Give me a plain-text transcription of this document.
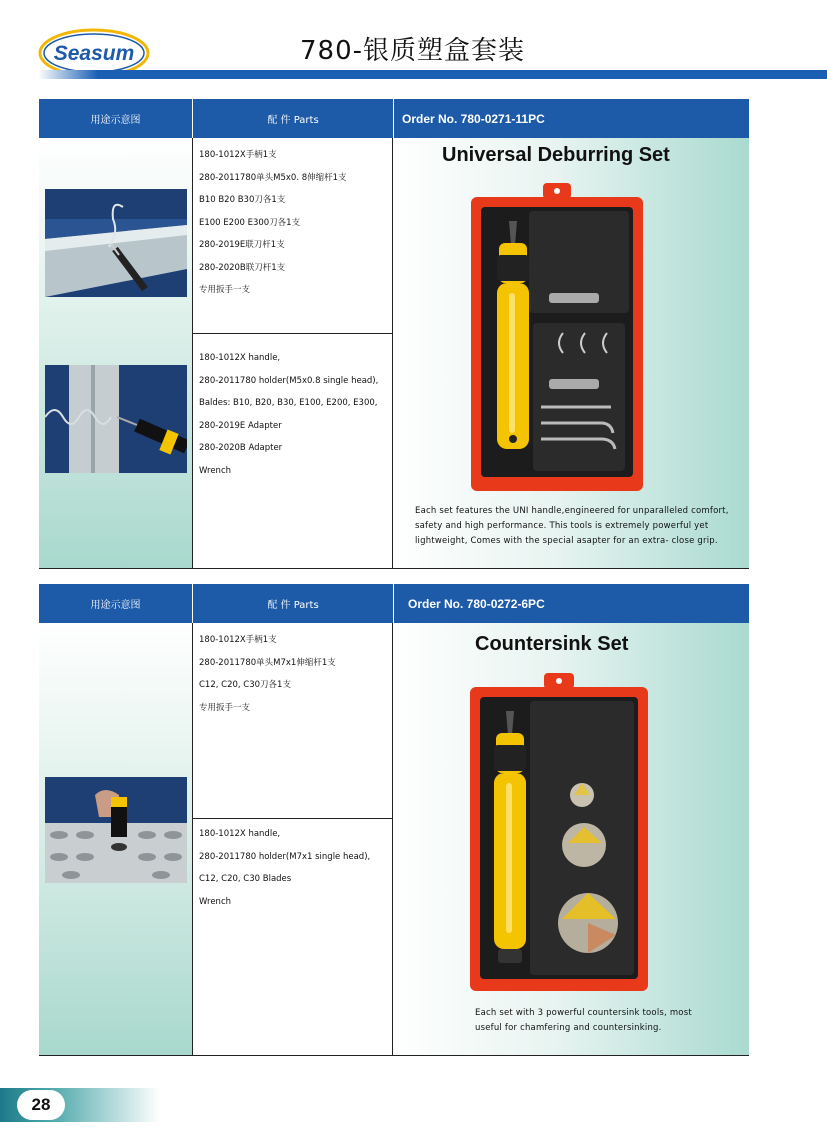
Seasum	780-银质塑盒套装
用途示意图	配 件 Parts	Order No. 780-0271-11PC
180-1012X手柄1支
280-2011780单头M5x0. 8伸缩杆1支
B10 B20 B30刀各1支
E100 E200 E300刀各1支
280-2019E联刀杆1支
280-2020B联刀杆1支
专用扳手一支
180-1012X handle,
280-2011780 holder(M5x0.8 single head),
Baldes: B10, B20, B30, E100, E200, E300,
280-2019E Adapter
280-2020B Adapter
Wrench
Universal Deburring Set
Each set features the UNI handle,engineered for unparalleled comfort,
safety and high performance. This tools is extremely powerful yet
lightweight, Comes with the special asapter for an extra- close grip.
用途示意图	配 件 Parts	Order No. 780-0272-6PC
180-1012X手柄1支
280-2011780单头M7x1伸缩杆1支
C12, C20, C30刀各1支
专用扳手一支
180-1012X handle,
280-2011780 holder(M7x1 single head),
C12, C20, C30 Blades
Wrench
Countersink Set
Each set with 3 powerful countersink tools, most
useful for chamfering and countersinking.
28
